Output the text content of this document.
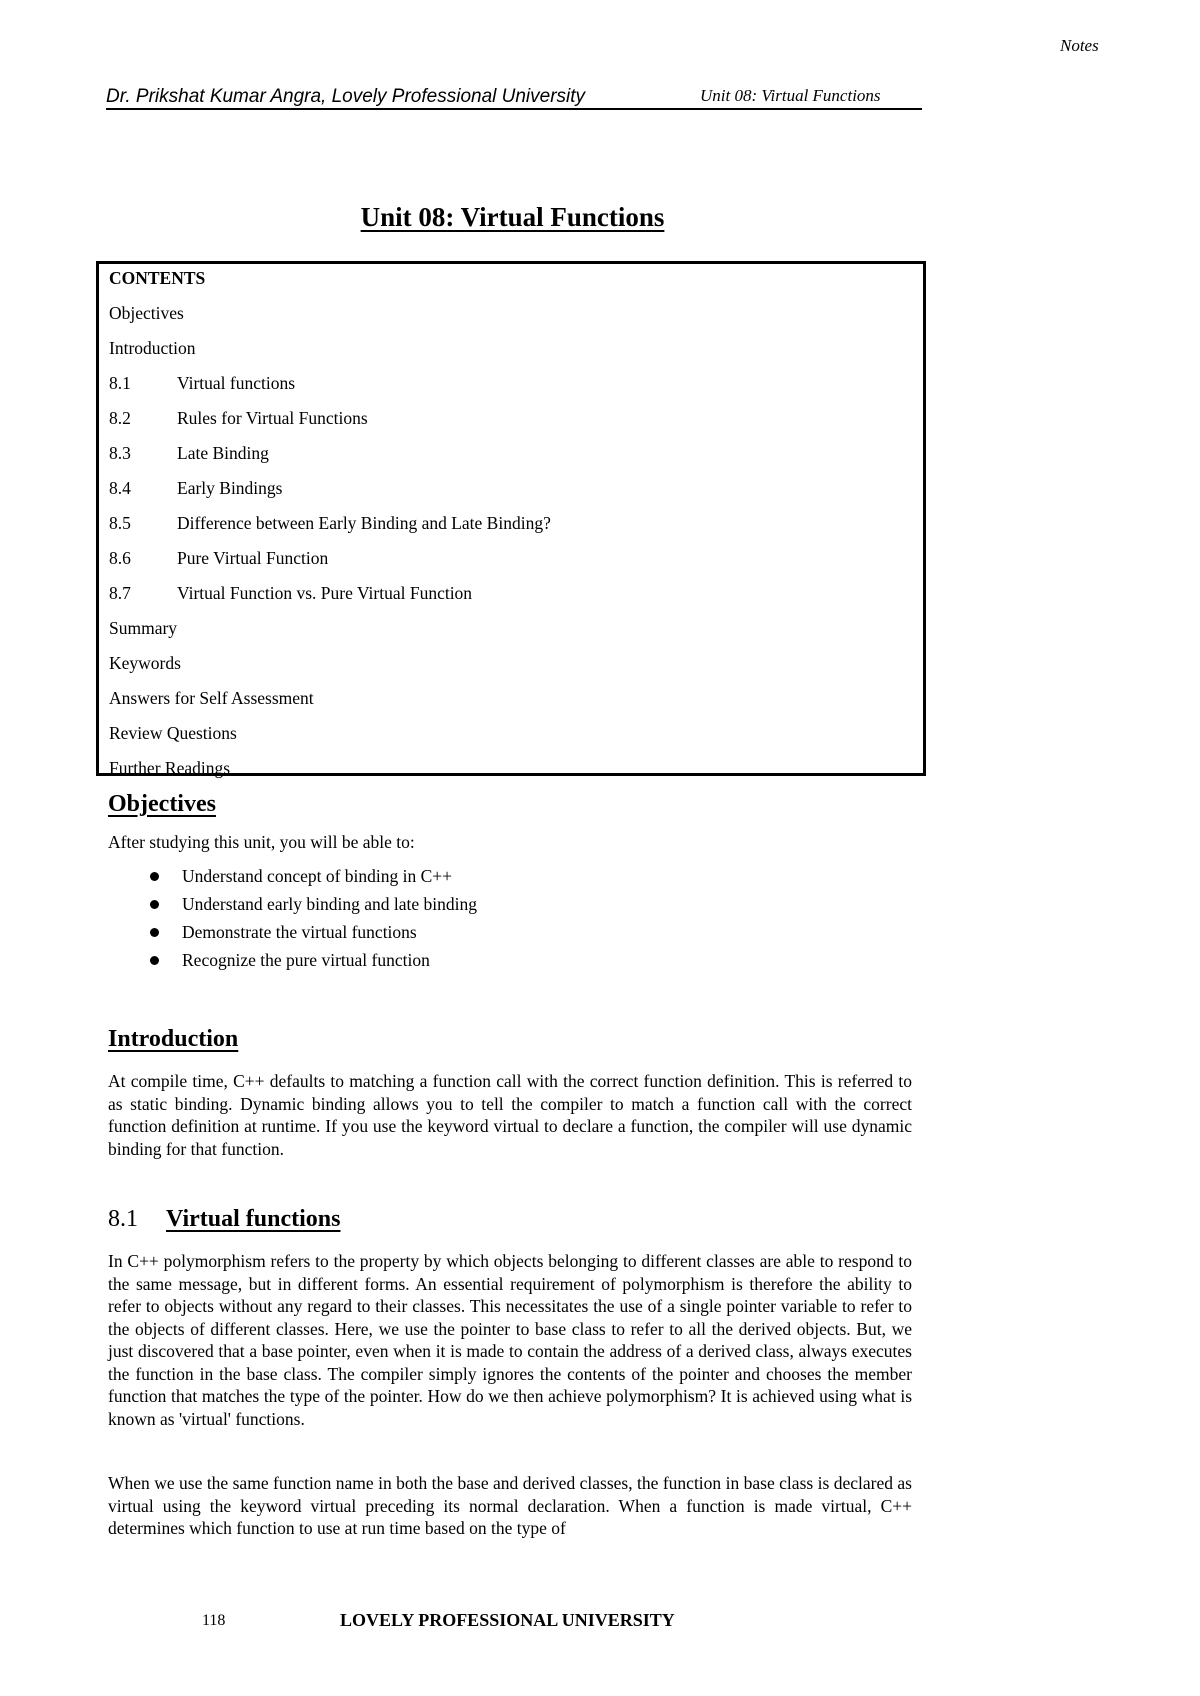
Notes
Dr. Prikshat Kumar Angra, Lovely Professional University	Unit 08: Virtual Functions
Unit 08: Virtual Functions
CONTENTS
Objectives
Introduction
8.1	Virtual functions
8.2	Rules for Virtual Functions
8.3	Late Binding
8.4	Early Bindings
8.5	Difference between Early Binding and Late Binding?
8.6	Pure Virtual Function
8.7	Virtual Function vs. Pure Virtual Function
Summary
Keywords
Answers for Self Assessment
Review Questions
Further Readings
Objectives
After studying this unit, you will be able to:
Understand concept of binding in C++
Understand early binding and late binding
Demonstrate the virtual functions
Recognize the pure virtual function
Introduction

At compile time, C++ defaults to matching a function call with the correct function definition. This is referred to as static binding. Dynamic binding allows you to tell the compiler to match a function call with the correct function definition at runtime. If you use the keyword virtual to declare a function, the compiler will use dynamic binding for that function.

8.1 Virtual functions

In C++ polymorphism refers to the property by which objects belonging to different classes are able to respond to the same message, but in different forms. An essential requirement of polymorphism is therefore the ability to refer to objects without any regard to their classes. This necessitates the use of a single pointer variable to refer to the objects of different classes. Here, we use the pointer to base class to refer to all the derived objects. But, we just discovered that a base pointer, even when it is made to contain the address of a derived class, always executes the function in the base class. The compiler simply ignores the contents of the pointer and chooses the member function that matches the type of the pointer. How do we then achieve polymorphism? It is achieved using what is known as 'virtual' functions.

When we use the same function name in both the base and derived classes, the function in base class is declared as virtual using the keyword virtual preceding its normal declaration. When a function is made virtual, C++ determines which function to use at run time based on the type of

118	LOVELY PROFESSIONAL UNIVERSITY
